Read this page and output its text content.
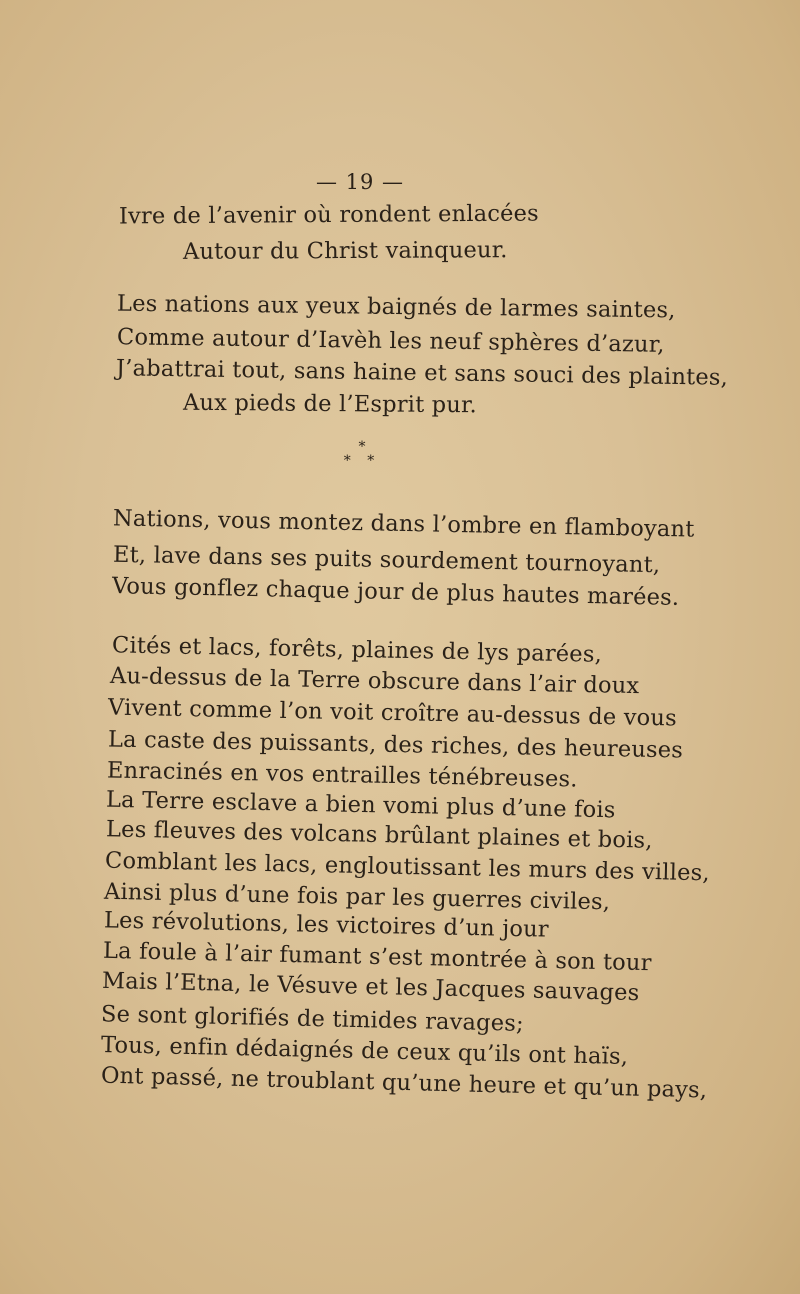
— 19 —
Ivre de l’avenir où rondent enlacées
Autour du Christ vainqueur.
Les nations aux yeux baignés de larmes saintes,
Comme autour d’Iavèh les neuf sphères d’azur,
J’abattrai tout, sans haine et sans souci des plaintes,
Aux pieds de l’Esprit pur.
*
* *
Nations, vous montez dans l’ombre en flamboyant
Et, lave dans ses puits sourdement tournoyant,
Vous gonflez chaque jour de plus hautes marées.
Cités et lacs, forêts, plaines de lys parées,
Au-dessus de la Terre obscure dans l’air doux
Vivent comme l’on voit croître au-dessus de vous
La caste des puissants, des riches, des heureuses
Enracinés en vos entrailles ténébreuses.
La Terre esclave a bien vomi plus d’une fois
Les fleuves des volcans brûlant plaines et bois,
Comblant les lacs, engloutissant les murs des villes,
Ainsi plus d’une fois par les guerres civiles,
Les révolutions, les victoires d’un jour
La foule à l’air fumant s’est montrée à son tour
Mais l’Etna, le Vésuve et les Jacques sauvages
Se sont glorifiés de timides ravages;
Tous, enfin dédaignés de ceux qu’ils ont haïs,
Ont passé, ne troublant qu’une heure et qu’un pays,
